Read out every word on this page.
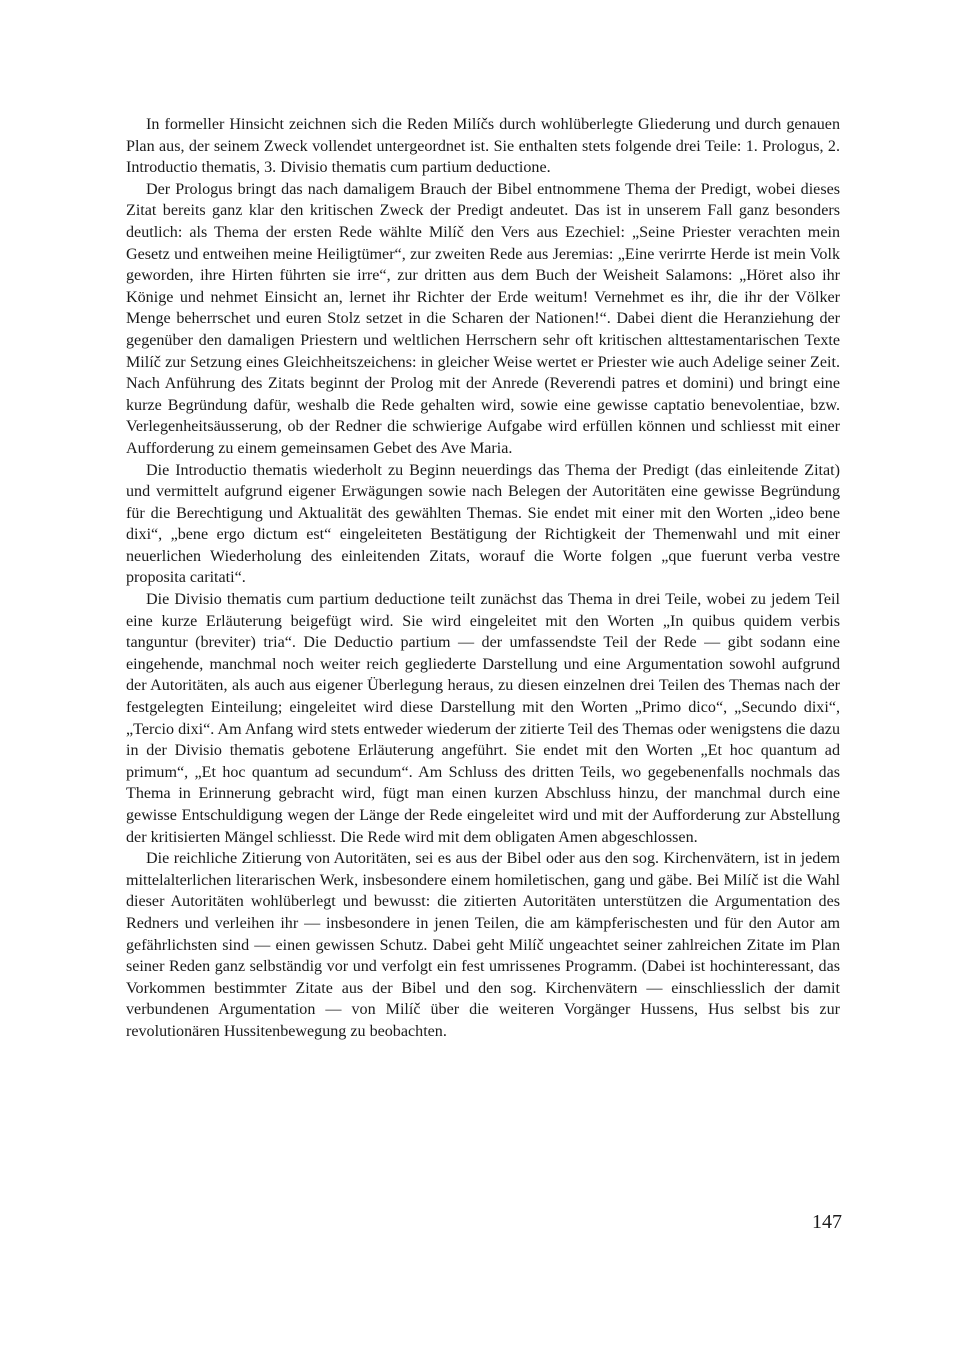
In formeller Hinsicht zeichnen sich die Reden Milíčs durch wohlüberlegte Gliederung und durch genauen Plan aus, der seinem Zweck vollendet untergeordnet ist. Sie enthalten stets folgende drei Teile: 1. Prologus, 2. Introductio thematis, 3. Divisio thematis cum partium deductione.

Der Prologus bringt das nach damaligem Brauch der Bibel entnommene Thema der Predigt, wobei dieses Zitat bereits ganz klar den kritischen Zweck der Predigt andeutet. Das ist in unserem Fall ganz besonders deutlich: als Thema der ersten Rede wählte Milíč den Vers aus Ezechiel: „Seine Priester verachten mein Gesetz und entweihen meine Heiligtümer“, zur zweiten Rede aus Jeremias: „Eine verirrte Herde ist mein Volk geworden, ihre Hirten führten sie irre“, zur dritten aus dem Buch der Weisheit Salamons: „Höret also ihr Könige und nehmet Einsicht an, lernet ihr Richter der Erde weitum! Vernehmet es ihr, die ihr der Völker Menge beherrschet und euren Stolz setzet in die Scharen der Nationen!“. Dabei dient die Heranziehung der gegenüber den damaligen Priestern und weltlichen Herrschern sehr oft kritischen alttestamentarischen Texte Milíč zur Setzung eines Gleichheitszeichens: in gleicher Weise wertet er Priester wie auch Adelige seiner Zeit. Nach Anführung des Zitats beginnt der Prolog mit der Anrede (Reverendi patres et domini) und bringt eine kurze Begründung dafür, weshalb die Rede gehalten wird, sowie eine gewisse captatio benevolentiae, bzw. Verlegenheitsäusserung, ob der Redner die schwierige Aufgabe wird erfüllen können und schliesst mit einer Aufforderung zu einem gemeinsamen Gebet des Ave Maria.

Die Introductio thematis wiederholt zu Beginn neuerdings das Thema der Predigt (das einleitende Zitat) und vermittelt aufgrund eigener Erwägungen sowie nach Belegen der Autoritäten eine gewisse Begründung für die Berechtigung und Aktualität des gewählten Themas. Sie endet mit einer mit den Worten „ideo bene dixi“, „bene ergo dictum est“ eingeleiteten Bestätigung der Richtigkeit der Themenwahl und mit einer neuerlichen Wiederholung des einleitenden Zitats, worauf die Worte folgen „que fuerunt verba vestre proposita caritati“.

Die Divisio thematis cum partium deductione teilt zunächst das Thema in drei Teile, wobei zu jedem Teil eine kurze Erläuterung beigefügt wird. Sie wird eingeleitet mit den Worten „In quibus quidem verbis tanguntur (breviter) tria“. Die Deductio partium — der umfassendste Teil der Rede — gibt sodann eine eingehende, manchmal noch weiter reich gegliederte Darstellung und eine Argumentation sowohl aufgrund der Autoritäten, als auch aus eigener Überlegung heraus, zu diesen einzelnen drei Teilen des Themas nach der festgelegten Einteilung; eingeleitet wird diese Darstellung mit den Worten „Primo dico“, „Secundo dixi“, „Tercio dixi“. Am Anfang wird stets entweder wiederum der zitierte Teil des Themas oder wenigstens die dazu in der Divisio thematis gebotene Erläuterung angeführt. Sie endet mit den Worten „Et hoc quantum ad primum“, „Et hoc quantum ad secundum“. Am Schluss des dritten Teils, wo gegebenenfalls nochmals das Thema in Erinnerung gebracht wird, fügt man einen kurzen Abschluss hinzu, der manchmal durch eine gewisse Entschuldigung wegen der Länge der Rede eingeleitet wird und mit der Aufforderung zur Abstellung der kritisierten Mängel schliesst. Die Rede wird mit dem obligaten Amen abgeschlossen.

Die reichliche Zitierung von Autoritäten, sei es aus der Bibel oder aus den sog. Kirchenvätern, ist in jedem mittelalterlichen literarischen Werk, insbesondere einem homiletischen, gang und gäbe. Bei Milíč ist die Wahl dieser Autoritäten wohlüberlegt und bewusst: die zitierten Autoritäten unterstützen die Argumentation des Redners und verleihen ihr — insbesondere in jenen Teilen, die am kämpferischesten und für den Autor am gefährlichsten sind — einen gewissen Schutz. Dabei geht Milíč ungeachtet seiner zahlreichen Zitate im Plan seiner Reden ganz selbständig vor und verfolgt ein fest umrissenes Programm. (Dabei ist hochinteressant, das Vorkommen bestimmter Zitate aus der Bibel und den sog. Kirchenvätern — einschliesslich der damit verbundenen Argumentation — von Milíč über die weiteren Vorgänger Hussens, Hus selbst bis zur revolutionären Hussitenbewegung zu beobachten.

147
